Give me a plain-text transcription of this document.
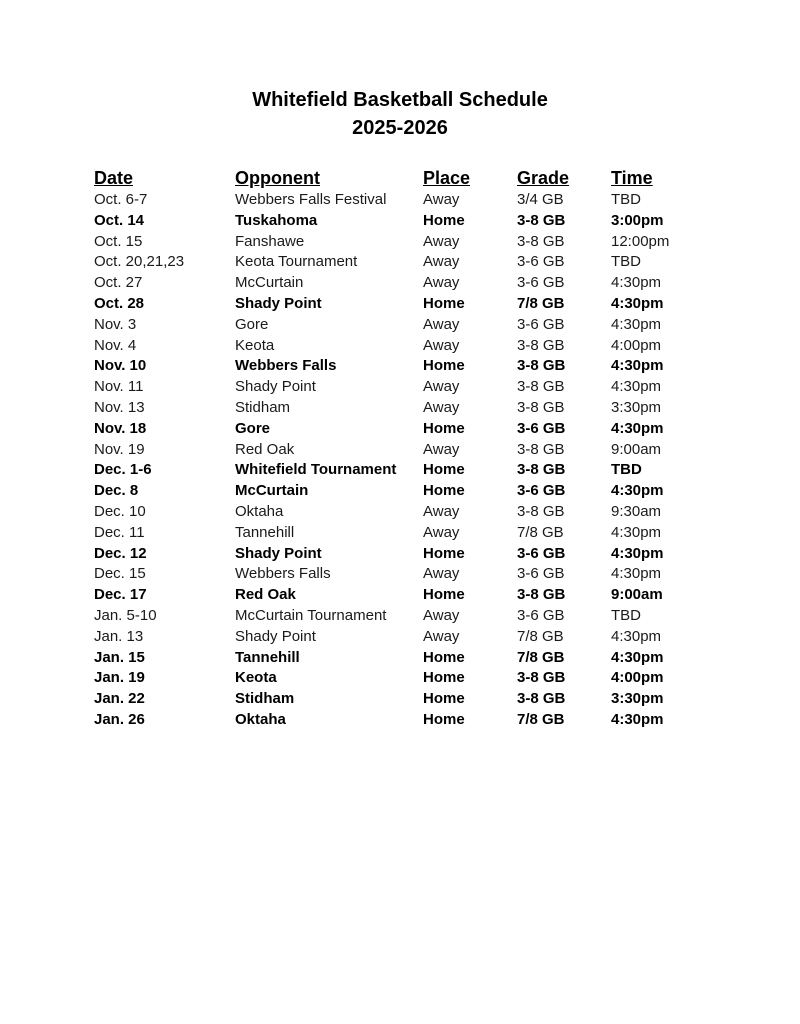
Whitefield Basketball Schedule
2025-2026
Date	Opponent	Place	Grade Time
Oct. 6-7	Webbers Falls Festival Away	3/4 GB	TBD
Oct. 14	Tuskahoma	Home	3-8 GB	3:00pm
Oct. 15	Fanshawe	Away	3-8 GB	12:00pm
Oct. 20,21,23	Keota Tournament	Away	3-6 GB	TBD
Oct. 27	McCurtain	Away	3-6 GB	4:30pm
Oct. 28	Shady Point	Home	7/8 GB	4:30pm
Nov. 3	Gore	Away	3-6 GB	4:30pm
Nov. 4	Keota	Away	3-8 GB	4:00pm
Nov. 10	Webbers Falls	Home	3-8 GB	4:30pm
Nov. 11	Shady Point	Away	3-8 GB	4:30pm
Nov. 13	Stidham	Away	3-8 GB	3:30pm
Nov. 18	Gore	Home	3-6 GB	4:30pm
Nov. 19	Red Oak	Away	3-8 GB	9:00am
Dec. 1-6	Whitefield Tournament Home	3-8 GB	TBD
Dec. 8	McCurtain	Home	3-6 GB	4:30pm
Dec. 10	Oktaha	Away	3-8 GB	9:30am
Dec. 11	Tannehill	Away	7/8 GB	4:30pm
Dec. 12	Shady Point	Home	3-6 GB	4:30pm
Dec. 15	Webbers Falls	Away	3-6 GB	4:30pm
Dec. 17	Red Oak	Home	3-8 GB	9:00am
Jan. 5-10	McCurtain Tournament Away	3-6 GB	TBD
Jan. 13	Shady Point	Away	7/8 GB	4:30pm
Jan. 15	Tannehill	Home	7/8 GB	4:30pm
Jan. 19	Keota	Home	3-8 GB	4:00pm
Jan. 22	Stidham	Home	3-8 GB	3:30pm
Jan. 26	Oktaha	Home	7/8 GB	4:30pm
